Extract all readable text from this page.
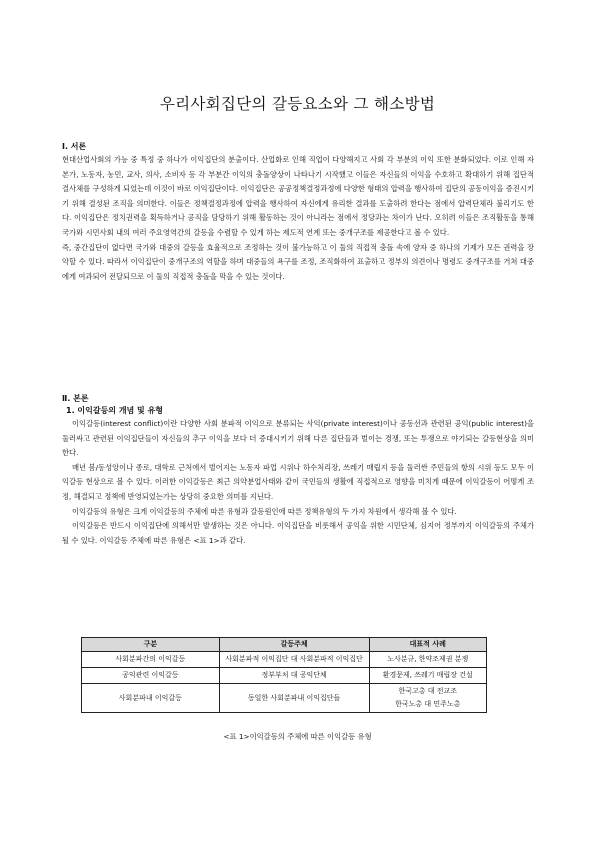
우리사회집단의 갈등요소와 그 해소방법
Ⅰ. 서론

현대산업사회의 가능 중 특정 중 하나가 이익집단의 분출이다. 산업화로 인해 직업이 다양해지고 사회 각 부분의 이익 또한 분화되었다. 이로 인해 자본가, 노동자, 농민, 교사, 의사, 소비자 등 각 부분간 이익의 충돌양상이 나타나기 시작했고 이들은 자신들의 이익을 수호하고 확대하기 위해 집단적 결사체를 구성하게 되었는데 이것이 바로 이익집단이다. 이익집단은 공공정책결정과정에 다양한 형태의 압력을 행사하여 집단의 공동이익을 증진시키기 위해 결성된 조직을 의미한다. 이들은 정책결정과정에 압력을 행사하여 자신에게 유리한 결과를 도출하려 한다는 점에서 압력단체라 불리기도 한다. 이익집단은 정치권력을 획득하거나 공직을 담당하기 위해 활동하는 것이 아니라는 점에서 정당과는 차이가 난다. 오히려 이들은 조직활동을 통해 국가와 시민사회 내의 여러 주요영역간의 갈등을 수렴할 수 있게 하는 제도적 연계 또는 중개구조를 제공한다고 볼 수 있다.

즉, 중간집단이 없다면 국가와 대중의 갈등을 효율적으로 조정하는 것이 불가능하고 이 둘의 직접적 충돌 속에 양자 중 하나의 기제가 모든 권력을 장악할 수 있다. 따라서 이익집단이 중개구조의 역할을 하며 대중들의 욕구를 조정, 조직화하여 표출하고 정부의 의견이나 명령도 중개구조를 거쳐 대중에게 여과되어 전달되므로 이 둘의 직접적 충돌을 막을 수 있는 것이다.

Ⅱ. 본론
1. 이익갈등의 개념 및 유형

이익갈등(interest conflict)이란 다양한 사회 분파적 이익으로 분류되는 사익(private interest)이나 공동선과 관련된 공익(public interest)을 둘러싸고 관련된 이익집단들이 자신들의 추구 이익을 보다 더 증대시키기 위해 다른 집단들과 벌이는 경쟁, 또는 투쟁으로 야기되는 갈등현상을 의미한다.

매년 봄/동성앙이나 종로, 대학로 근처에서 벌어지는 노동자 파업 시위나 하수처리장, 쓰레기 매립지 등을 둘러싼 주민들의 항의 시위 등도 모두 이익갈등 현상으로 볼 수 있다. 이러한 이익갈등은 최근 의약분업사태와 같이 국민들의 생활에 직접적으로 영향을 미치게 때문에 이익갈등이 어떻게 조정, 해결되고 정책에 반영되었는가는 상당히 중요한 의미를 지닌다.

이익갈등의 유형은 크게 이익갈등의 주체에 따른 유형과 갈등원인에 따른 정책유형의 두 가지 차원에서 생각해 볼 수 있다.

이익갈등은 반드시 이익집단에 의해서만 발생하는 것은 아니다. 이익집단을 비롯해서 공익을 위한 시민단체, 심지어 정부까지 이익갈등의 주체가 될 수 있다. 이익갈등 주체에 따른 유형은 <표 1>과 같다.

구분	갈등주체	대표적 사례
사회분파간의 이익갈등	사회분파적 이익집단 대 사회분파적 이익집단	노사분규, 한약조제권 분쟁
공익관련 이익갈등	정부부처 대 공익단체	환경문제, 쓰레기 매립장 건설
사회분파내 이익갈등	동일한 사회분파내 이익집단들	한국고총 대 전교조
한국노총 대 민주노총
<표 1>이익갈등의 주체에 따른 이익갈등 유형
